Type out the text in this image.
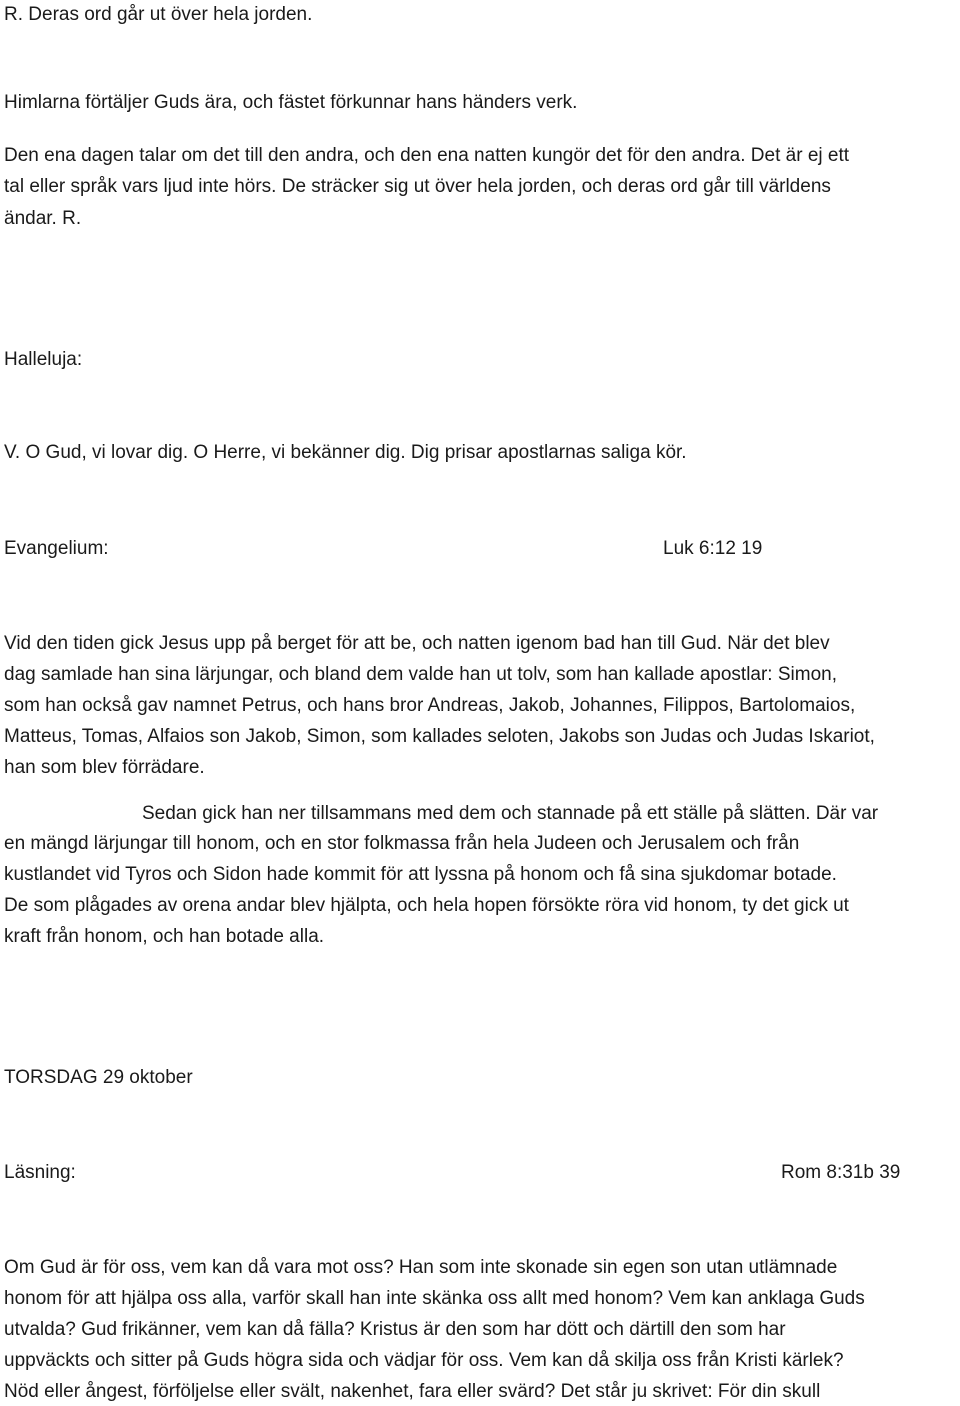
R. Deras ord går ut över hela jorden.
Himlarna förtäljer Guds ära, och fästet förkunnar hans händers verk.
Den ena dagen talar om det till den andra, och den ena natten kungör det för den andra. Det är ej ett
tal eller språk vars ljud inte hörs. De sträcker sig ut över hela jorden, och deras ord går till världens
ändar. R.
Halleluja:
V. O Gud, vi lovar dig. O Herre, vi bekänner dig. Dig prisar apostlarnas saliga kör.
Evangelium:	Luk 6:12 19
Vid den tiden gick Jesus upp på berget för att be, och natten igenom bad han till Gud. När det blev
dag samlade han sina lärjungar, och bland dem valde han ut tolv, som han kallade apostlar: Simon,
som han också gav namnet Petrus, och hans bror Andreas, Jakob, Johannes, Filippos, Bartolomaios,
Matteus, Tomas, Alfaios son Jakob, Simon, som kallades seloten, Jakobs son Judas och Judas Iskariot,
han som blev förrädare.
Sedan gick han ner tillsammans med dem och stannade på ett ställe på slätten. Där var
en mängd lärjungar till honom, och en stor folkmassa från hela Judeen och Jerusalem och från
kustlandet vid Tyros och Sidon hade kommit för att lyssna på honom och få sina sjukdomar botade.
De som plågades av orena andar blev hjälpta, och hela hopen försökte röra vid honom, ty det gick ut
kraft från honom, och han botade alla.
TORSDAG 29 oktober
Läsning:	Rom 8:31b 39
Om Gud är för oss, vem kan då vara mot oss? Han som inte skonade sin egen son utan utlämnade
honom för att hjälpa oss alla, varför skall han inte skänka oss allt med honom? Vem kan anklaga Guds
utvalda? Gud frikänner, vem kan då fälla? Kristus är den som har dött och därtill den som har
uppväckts och sitter på Guds högra sida och vädjar för oss. Vem kan då skilja oss från Kristi kärlek?
Nöd eller ångest, förföljelse eller svält, nakenhet, fara eller svärd? Det står ju skrivet: För din skull
